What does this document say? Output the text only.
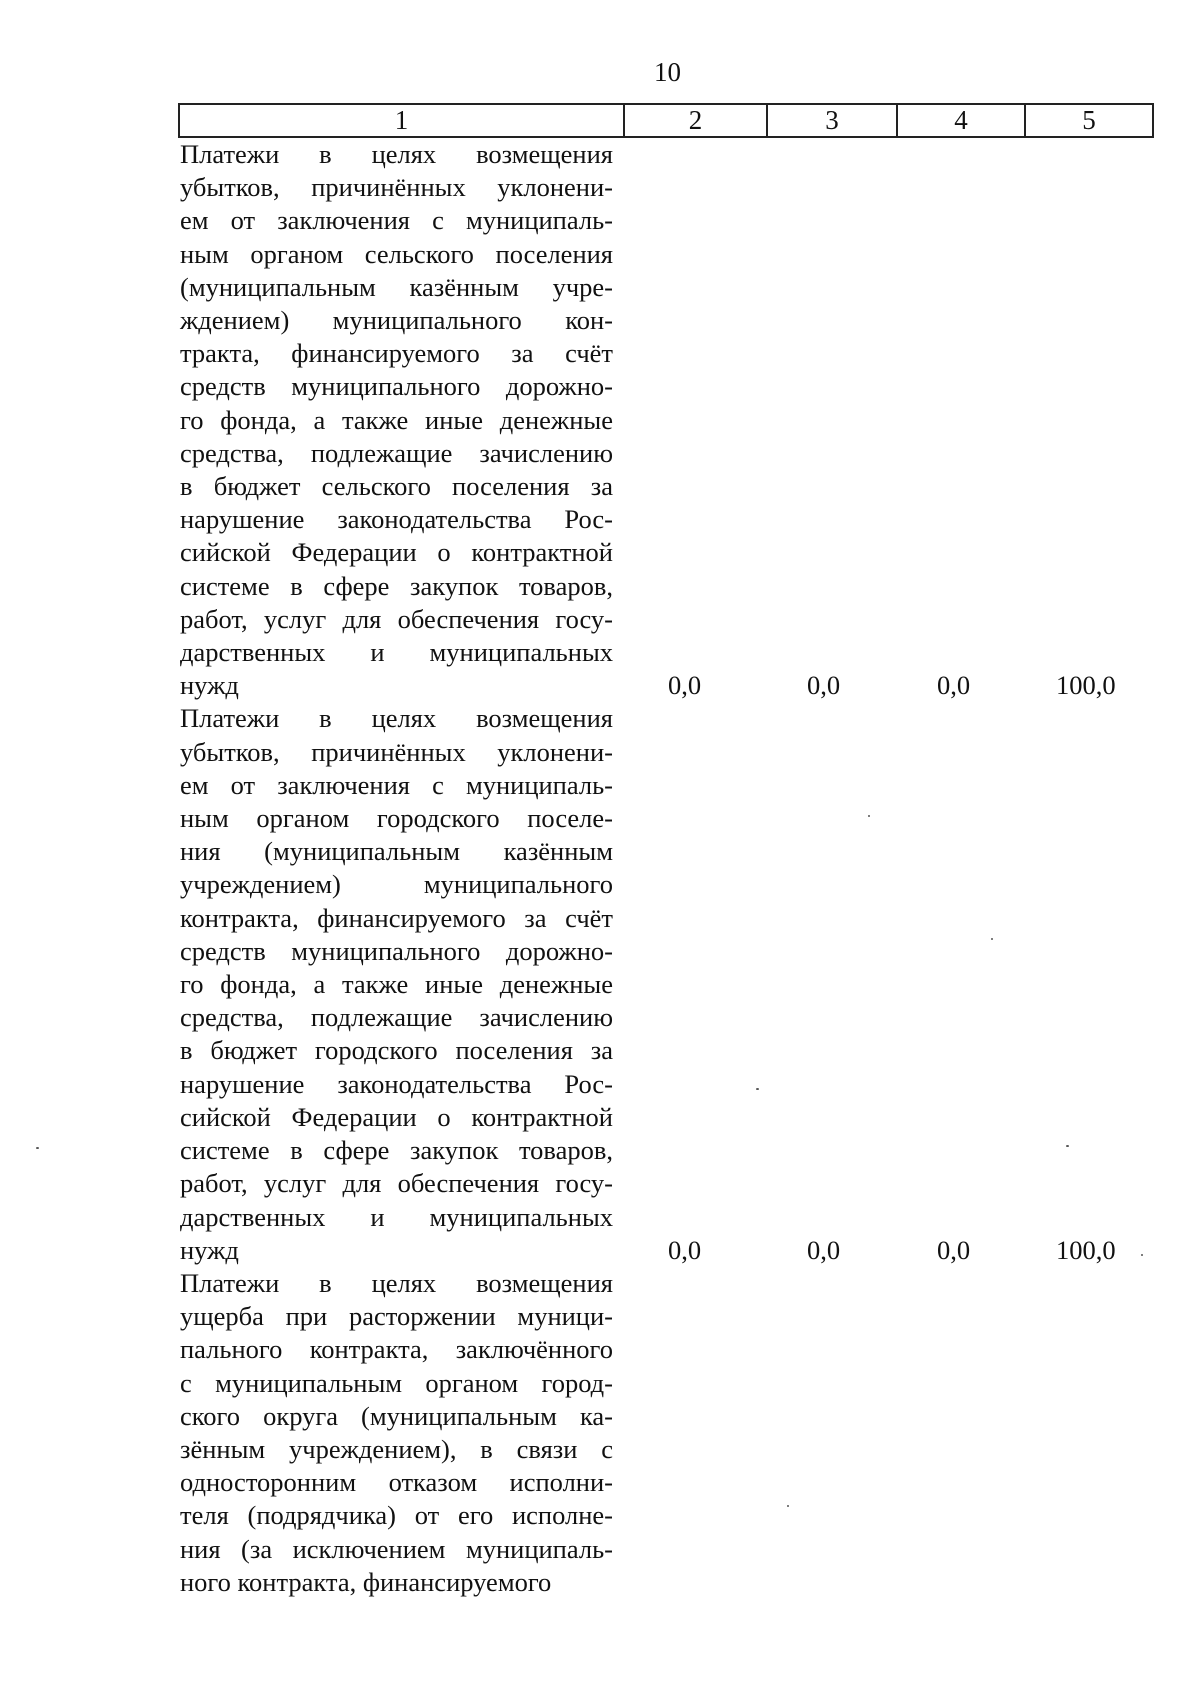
10
1	2	3	4	5
Платежи в целях возмещения
убытков, причинённых уклонени-
ем от заключения с муниципаль-
ным органом сельского поселения
(муниципальным казённым учре-
ждением) муниципального кон-
тракта, финансируемого за счёт
средств муниципального дорожно-
го фонда, а также иные денежные
средства, подлежащие зачислению
в бюджет сельского поселения за
нарушение законодательства Рос-
сийской Федерации о контрактной
системе в сфере закупок товаров,
работ, услуг для обеспечения госу-
дарственных и муниципальных
нужд	0,0	0,0	0,0	100,0
Платежи в целях возмещения
убытков, причинённых уклонени-
ем от заключения с муниципаль-
ным органом городского поселе-
ния (муниципальным казённым
учреждением) муниципального
контракта, финансируемого за счёт
средств муниципального дорожно-
го фонда, а также иные денежные
средства, подлежащие зачислению
в бюджет городского поселения за
нарушение законодательства Рос-
сийской Федерации о контрактной
системе в сфере закупок товаров,
работ, услуг для обеспечения госу-
дарственных и муниципальных
нужд	0,0	0,0	0,0	100,0
Платежи в целях возмещения
ущерба при расторжении муници-
пального контракта, заключённого
с муниципальным органом город-
ского округа (муниципальным ка-
зённым учреждением), в связи с
односторонним отказом исполни-
теля (подрядчика) от его исполне-
ния (за исключением муниципаль-
ного контракта, финансируемого
